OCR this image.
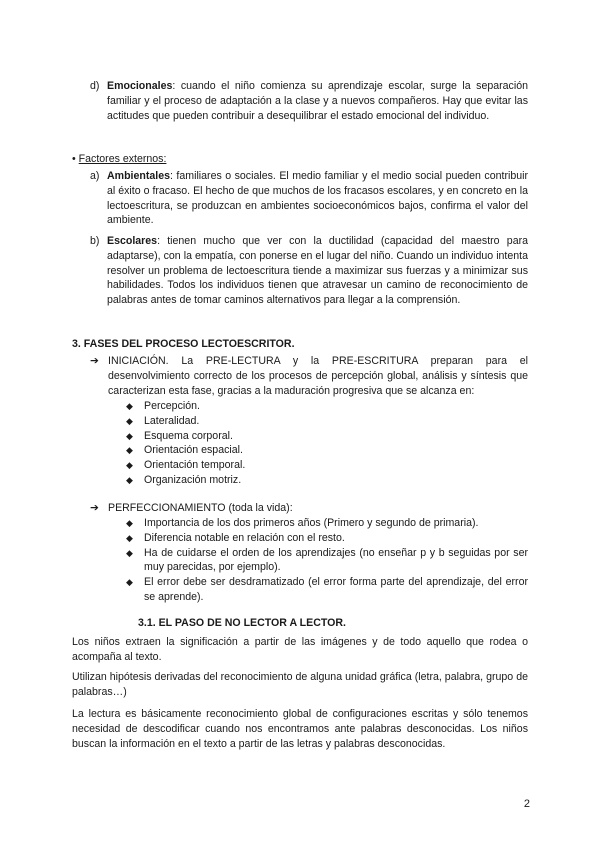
d) Emocionales: cuando el niño comienza su aprendizaje escolar, surge la separación familiar y el proceso de adaptación a la clase y a nuevos compañeros. Hay que evitar las actitudes que pueden contribuir a desequilibrar el estado emocional del individuo.
• Factores externos:
a) Ambientales: familiares o sociales. El medio familiar y el medio social pueden contribuir al éxito o fracaso. El hecho de que muchos de los fracasos escolares, y en concreto en la lectoescritura, se produzcan en ambientes socioeconómicos bajos, confirma el valor del ambiente.
b) Escolares: tienen mucho que ver con la ductilidad (capacidad del maestro para adaptarse), con la empatía, con ponerse en el lugar del niño. Cuando un individuo intenta resolver un problema de lectoescritura tiende a maximizar sus fuerzas y a minimizar sus habilidades. Todos los individuos tienen que atravesar un camino de reconocimiento de palabras antes de tomar caminos alternativos para llegar a la comprensión.
3. FASES DEL PROCESO LECTOESCRITOR.
➔ INICIACIÓN. La PRE-LECTURA y la PRE-ESCRITURA preparan para el desenvolvimiento correcto de los procesos de percepción global, análisis y síntesis que caracterizan esta fase, gracias a la maduración progresiva que se alcanza en:
◆ Percepción.
◆ Lateralidad.
◆ Esquema corporal.
◆ Orientación espacial.
◆ Orientación temporal.
◆ Organización motriz.
➔ PERFECCIONAMIENTO (toda la vida):
◆ Importancia de los dos primeros años (Primero y segundo de primaria).
◆ Diferencia notable en relación con el resto.
◆ Ha de cuidarse el orden de los aprendizajes (no enseñar p y b seguidas por ser muy parecidas, por ejemplo).
◆ El error debe ser desdramatizado (el error forma parte del aprendizaje, del error se aprende).
3.1. EL PASO DE NO LECTOR A LECTOR.
Los niños extraen la significación a partir de las imágenes y de todo aquello que rodea o acompaña al texto.
Utilizan hipótesis derivadas del reconocimiento de alguna unidad gráfica (letra, palabra, grupo de palabras…)
La lectura es básicamente reconocimiento global de configuraciones escritas y sólo tenemos necesidad de descodificar cuando nos encontramos ante palabras desconocidas. Los niños buscan la información en el texto a partir de las letras y palabras desconocidas.
2
